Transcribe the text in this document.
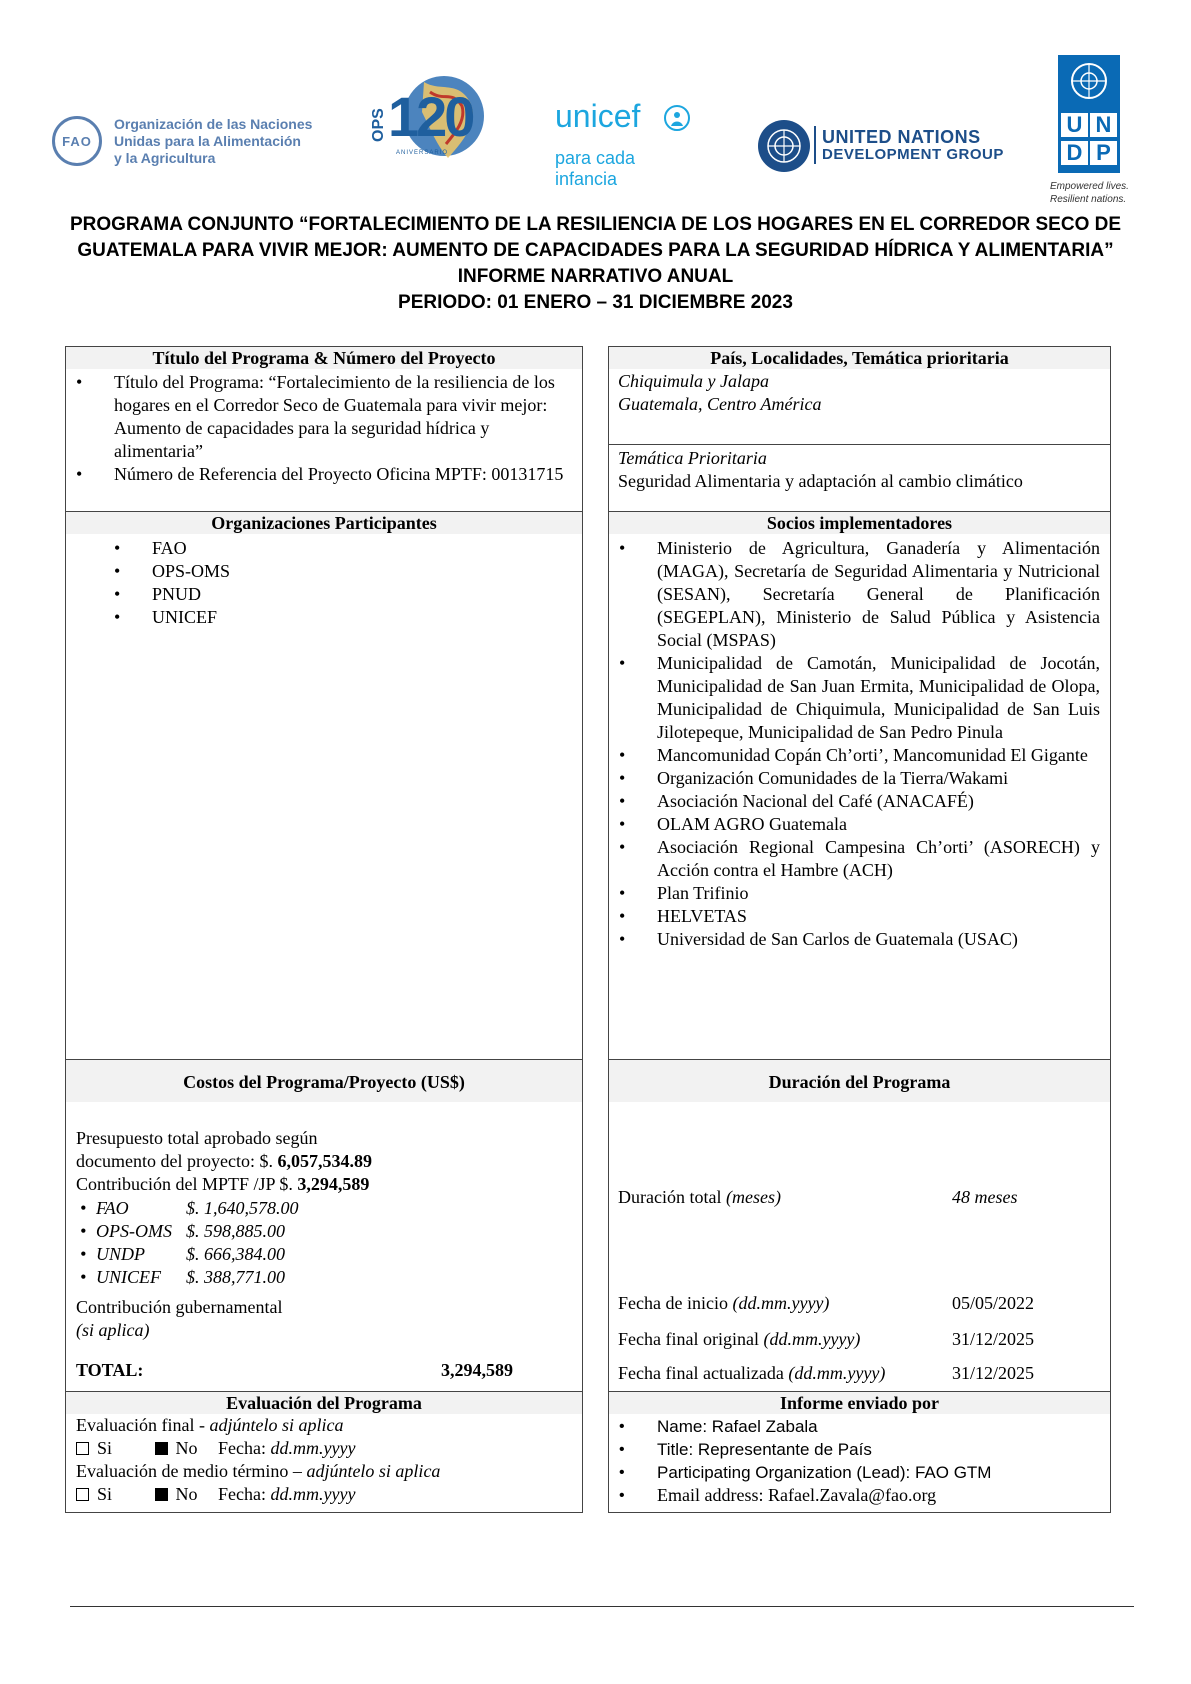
FAO
Organización de las Naciones
Unidas para la Alimentación
y la Agricultura
OPS 120
ANIVERSARIO
unicef
para cada infancia
UNITED NATIONS
DEVELOPMENT GROUP
U N
D P
Empowered lives.
Resilient nations.
PROGRAMA CONJUNTO “FORTALECIMIENTO DE LA RESILIENCIA DE LOS HOGARES EN EL CORREDOR SECO DE
GUATEMALA PARA VIVIR MEJOR: AUMENTO DE CAPACIDADES PARA LA SEGURIDAD HÍDRICA Y ALIMENTARIA”
INFORME NARRATIVO ANUAL
PERIODO: 01 ENERO – 31 DICIEMBRE 2023
Título del Programa & Número del Proyecto
• Título del Programa: “Fortalecimiento de la resiliencia de los hogares en el Corredor Seco de Guatemala para vivir mejor: Aumento de capacidades para la seguridad hídrica y alimentaria”
• Número de Referencia del Proyecto Oficina MPTF: 00131715
Organizaciones Participantes
• FAO
• OPS-OMS
• PNUD
• UNICEF
Costos del Programa/Proyecto (US$)
Presupuesto total aprobado según
documento del proyecto: $. 6,057,534.89
Contribución del MPTF /JP $. 3,294,589
• FAO	$. 1,640,578.00
• OPS-OMS $. 598,885.00
• UNDP $. 666,384.00
• UNICEF $. 388,771.00
Contribución gubernamental
(si aplica)
TOTAL:	3,294,589
Evaluación del Programa
Evaluación final - adjúntelo si aplica
Si	No Fecha: dd.mm.yyyy
Evaluación de medio término – adjúntelo si aplica
Si	No Fecha: dd.mm.yyyy
País, Localidades, Temática prioritaria
Chiquimula y Jalapa
Guatemala, Centro América
Temática Prioritaria
Seguridad Alimentaria y adaptación al cambio climático
Socios implementadores
• Ministerio de Agricultura, Ganadería y Alimentación (MAGA), Secretaría de Seguridad Alimentaria y Nutricional (SESAN), Secretaría General de Planificación (SEGEPLAN), Ministerio de Salud Pública y Asistencia Social (MSPAS)
• Municipalidad de Camotán, Municipalidad de Jocotán, Municipalidad de San Juan Ermita, Municipalidad de Olopa, Municipalidad de Chiquimula, Municipalidad de San Luis Jilotepeque, Municipalidad de San Pedro Pinula
• Mancomunidad Copán Ch’orti’, Mancomunidad El Gigante
• Organización Comunidades de la Tierra/Wakami
• Asociación Nacional del Café (ANACAFÉ)
• OLAM AGRO Guatemala
• Asociación Regional Campesina Ch’orti’ (ASORECH) y Acción contra el Hambre (ACH)
• Plan Trifinio
• HELVETAS
• Universidad de San Carlos de Guatemala (USAC)
Duración del Programa
Duración total (meses)	48 meses
Fecha de inicio (dd.mm.yyyy)	05/05/2022
Fecha final original (dd.mm.yyyy)	31/12/2025
Fecha final actualizada (dd.mm.yyyy)	31/12/2025
Informe enviado por
• Name: Rafael Zabala
• Title: Representante de País
• Participating Organization (Lead): FAO GTM
• Email address: Rafael.Zavala@fao.org
